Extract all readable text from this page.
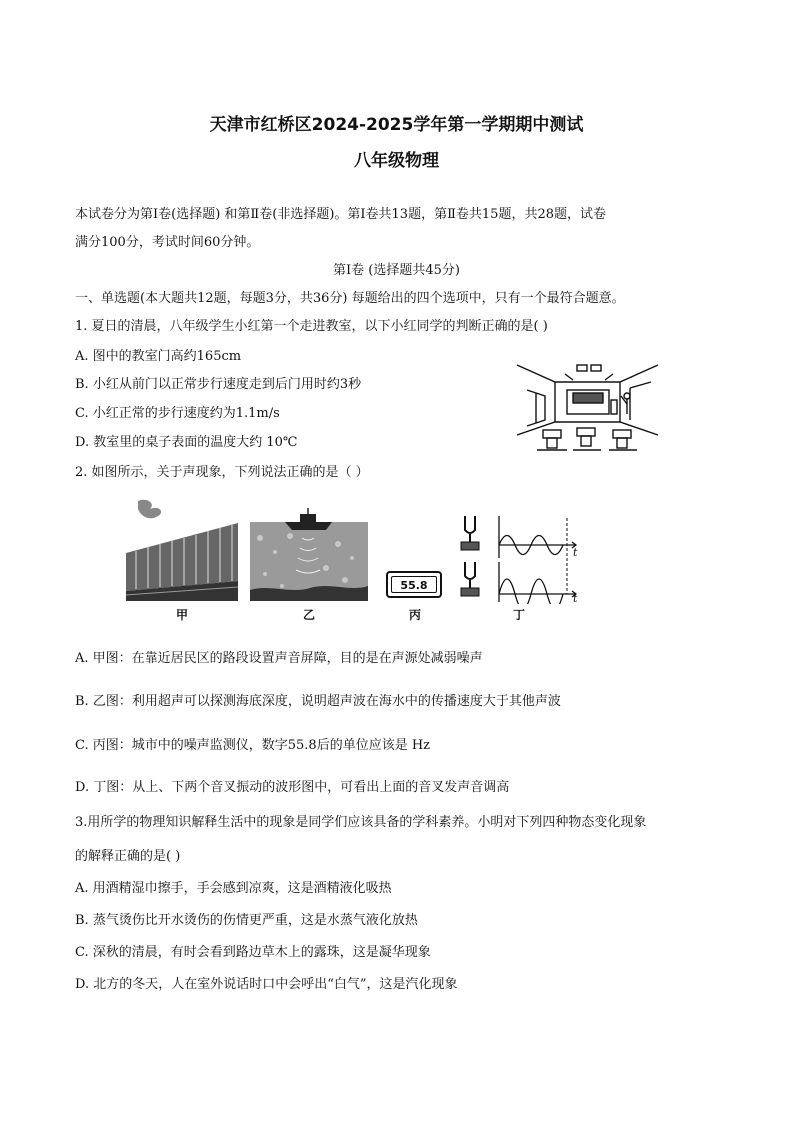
天津市红桥区2024-2025学年第一学期期中测试
八年级物理
本试卷分为第Ⅰ卷(选择题) 和第Ⅱ卷(非选择题)。第Ⅰ卷共13题，第Ⅱ卷共15题，共28题，试卷
满分100分，考试时间60分钟。
第Ⅰ卷 (选择题共45分)
一、单选题(本大题共12题，每题3分，共36分) 每题给出的四个选项中，只有一个最符合题意。
1. 夏日的清晨，八年级学生小红第一个走进教室，以下小红同学的判断正确的是( )
A. 图中的教室门高约165cm
B. 小红从前门以正常步行速度走到后门用时约3秒
C. 小红正常的步行速度约为1.1m/s
D. 教室里的桌子表面的温度大约 10℃
2. 如图所示，关于声现象，下列说法正确的是（ ）
甲	乙
55.8
丙
t
t
丁
A. 甲图：在靠近居民区的路段设置声音屏障，目的是在声源处减弱噪声
B. 乙图：利用超声可以探测海底深度，说明超声波在海水中的传播速度大于其他声波
C. 丙图：城市中的噪声监测仪，数字55.8后的单位应该是 Hz
D. 丁图：从上、下两个音叉振动的波形图中，可看出上面的音叉发声音调高
3.用所学的物理知识解释生活中的现象是同学们应该具备的学科素养。小明对下列四种物态变化现象
的解释正确的是( )
A. 用酒精湿巾擦手，手会感到凉爽，这是酒精液化吸热
B. 蒸气烫伤比开水烫伤的伤情更严重，这是水蒸气液化放热
C. 深秋的清晨，有时会看到路边草木上的露珠，这是凝华现象
D. 北方的冬天，人在室外说话时口中会呼出“白气”，这是汽化现象
